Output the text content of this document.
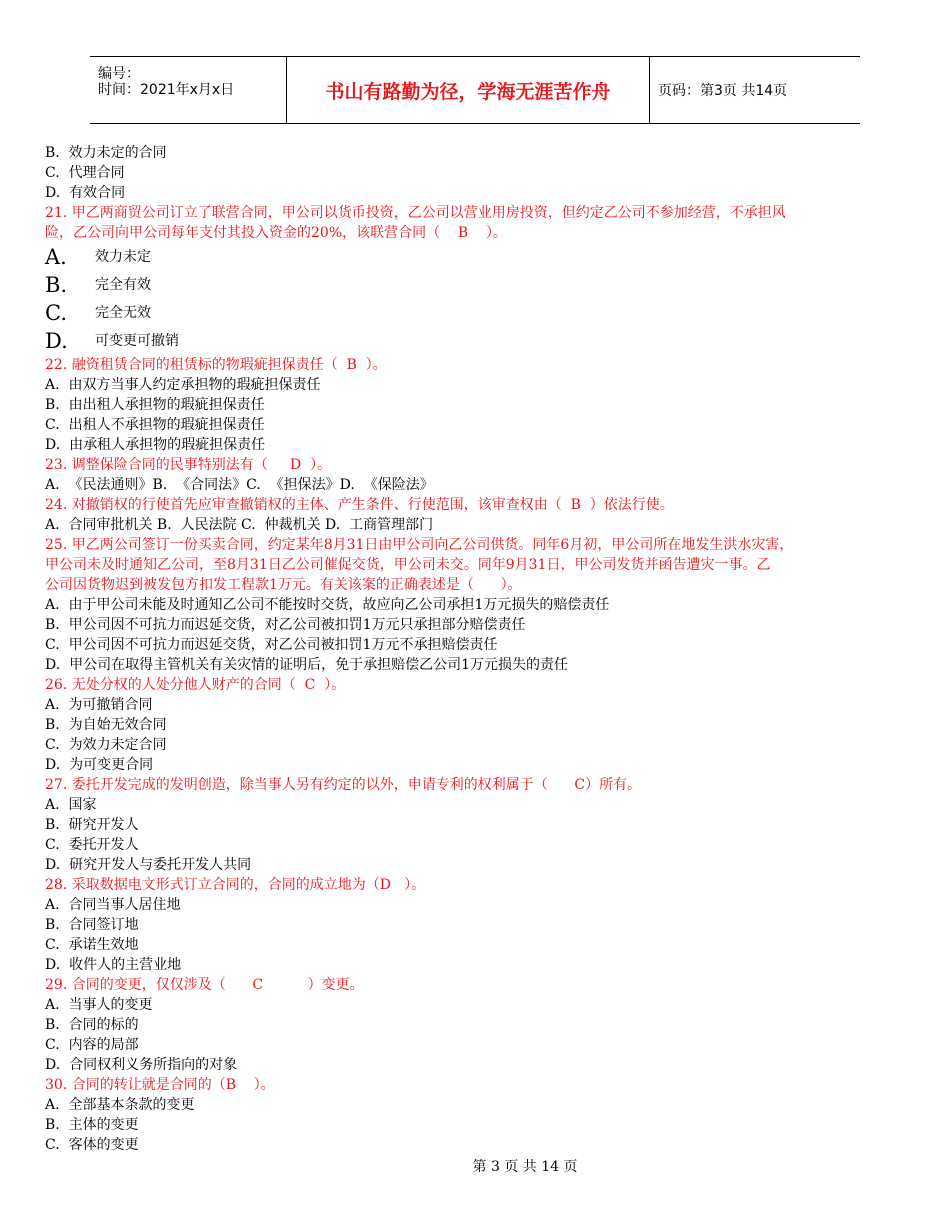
编号：
时间：2021年x月x日	书山有路勤为径，学海无涯苦作舟	页码：第3页 共14页
B.  效力未定的合同
C.  代理合同
D.  有效合同
21. 甲乙两商贸公司订立了联营合同，甲公司以货币投资，乙公司以营业用房投资，但约定乙公司不参加经营，不承担风
险，乙公司向甲公司每年支付其投入资金的20%，该联营合同（    B    ）。
A. 效力未定
B. 完全有效
C. 完全无效
D. 可变更可撤销
22. 融资租赁合同的租赁标的物瑕疵担保责任（  B  ）。
A.  由双方当事人约定承担物的瑕疵担保责任
B.  由出租人承担物的瑕疵担保责任
C.  出租人不承担物的瑕疵担保责任
D.  由承租人承担物的瑕疵担保责任
23. 调整保险合同的民事特别法有（     D  ）。
A.  《民法通则》B.  《合同法》C.  《担保法》D.  《保险法》
24. 对撤销权的行使首先应审查撤销权的主体、产生条件、行使范围，该审查权由（  B  ）依法行使。
A.  合同审批机关 B.  人民法院 C.  仲裁机关 D.  工商管理部门
25. 甲乙两公司签订一份买卖合同，约定某年8月31日由甲公司向乙公司供货。同年6月初，甲公司所在地发生洪水灾害，
甲公司未及时通知乙公司，至8月31日乙公司催促交货，甲公司未交。同年9月31日，甲公司发货并函告遭灾一事。乙
公司因货物迟到被发包方扣发工程款1万元。有关该案的正确表述是（      ）。
A.  由于甲公司未能及时通知乙公司不能按时交货，故应向乙公司承担1万元损失的赔偿责任
B.  甲公司因不可抗力而迟延交货，对乙公司被扣罚1万元只承担部分赔偿责任
C.  甲公司因不可抗力而迟延交货，对乙公司被扣罚1万元不承担赔偿责任
D.  甲公司在取得主管机关有关灾情的证明后，免于承担赔偿乙公司1万元损失的责任
26. 无处分权的人处分他人财产的合同（  C  ）。
A.  为可撤销合同
B.  为自始无效合同
C.  为效力未定合同
D.  为可变更合同
27. 委托开发完成的发明创造，除当事人另有约定的以外，申请专利的权利属于（      C）所有。
A.  国家
B.  研究开发人
C.  委托开发人
D.  研究开发人与委托开发人共同
28. 采取数据电文形式订立合同的，合同的成立地为（D   ）。
A.  合同当事人居住地
B.  合同签订地
C.  承诺生效地
D.  收件人的主营业地
29. 合同的变更，仅仅涉及（      C          ）变更。
A.  当事人的变更
B.  合同的标的
C.  内容的局部
D.  合同权利义务所指向的对象
30. 合同的转让就是合同的（B    ）。
A.  全部基本条款的变更
B.  主体的变更
C.  客体的变更
第 3 页 共 14 页
